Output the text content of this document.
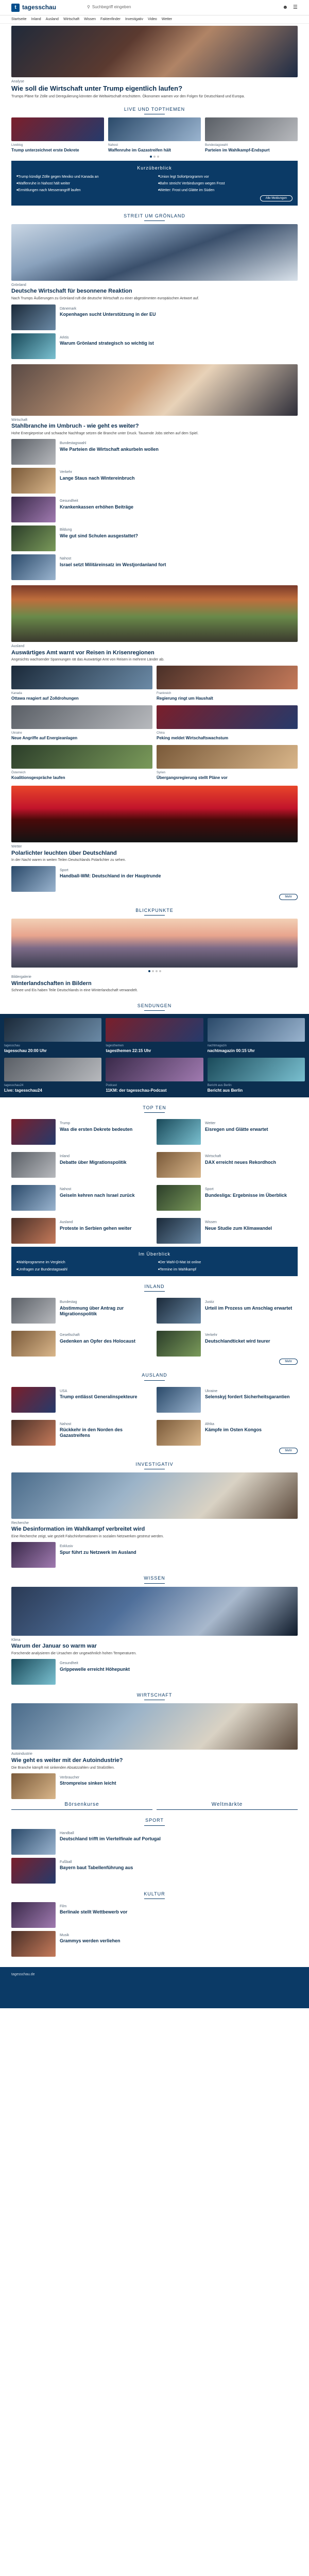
t tagesschau	⚲ Suchbegriff eingeben	☻ ☰
Startseite Inland Ausland Wirtschaft Wissen Faktenfinder Investigativ Video Wetter
Analyse
Wie soll die Wirtschaft unter Trump eigentlich laufen?
Trumps Pläne für Zölle und Deregulierung könnten die Weltwirtschaft erschüttern. Ökonomen warnen vor den Folgen für Deutschland und Europa.
LIVE UND TOPTHEMEN
Liveblog
Trump unterzeichnet erste Dekrete
Nahost
Waffenruhe im Gazastreifen hält
Bundestagswahl
Parteien im Wahlkampf-Endspurt
Kurzüberblick
■ Trump kündigt Zölle gegen Mexiko und Kanada an	■ Union legt Sofortprogramm vor
■ Waffenruhe in Nahost hält weiter	■ Bahn streicht Verbindungen wegen Frost
■ Ermittlungen nach Messerangriff laufen	■ Wetter: Frost und Glätte im Süden
Alle Meldungen
STREIT UM GRÖNLAND
Grönland
Deutsche Wirtschaft für besonnene Reaktion
Nach Trumps Äußerungen zu Grönland ruft die deutsche Wirtschaft zu einer abgestimmten europäischen Antwort auf.
Dänemark
Kopenhagen sucht Unterstützung in der EU
Arktis
Warum Grönland strategisch so wichtig ist
Wirtschaft
Stahlbranche im Umbruch - wie geht es weiter?
Hohe Energiepreise und schwache Nachfrage setzen die Branche unter Druck. Tausende Jobs stehen auf dem Spiel.
Bundestagswahl
Wie Parteien die Wirtschaft ankurbeln wollen
Verkehr
Lange Staus nach Wintereinbruch
Gesundheit
Krankenkassen erhöhen Beiträge
Bildung
Wie gut sind Schulen ausgestattet?
Nahost
Israel setzt Militäreinsatz im Westjordanland fort
Ausland
Auswärtiges Amt warnt vor Reisen in Krisenregionen
Angesichts wachsender Spannungen rät das Auswärtige Amt von Reisen in mehrere Länder ab.
Kanada
Ottawa reagiert auf Zolldrohungen
Frankreich
Regierung ringt um Haushalt
Ukraine
Neue Angriffe auf Energieanlagen
China
Peking meldet Wirtschaftswachstum
Österreich
Koalitionsgespräche laufen
Syrien
Übergangsregierung stellt Pläne vor
Wetter
Polarlichter leuchten über Deutschland
In der Nacht waren in weiten Teilen Deutschlands Polarlichter zu sehen.
Sport
Handball-WM: Deutschland in der Hauptrunde
Mehr
BLICKPUNKTE
Bildergalerie
Winterlandschaften in Bildern
Schnee und Eis haben Teile Deutschlands in eine Winterlandschaft verwandelt.
SENDUNGEN
tagesschau
tagesschau 20:00 Uhr
tagesthemen
tagesthemen 22:15 Uhr
nachtmagazin
nachtmagazin 00:15 Uhr
tagesschau24
Live: tagesschau24
Podcast
11KM: der tagesschau-Podcast
Bericht aus Berlin
Bericht aus Berlin
TOP TEN
Trump
Was die ersten Dekrete bedeuten
Wetter
Eisregen und Glätte erwartet
Inland
Debatte über Migrationspolitik
Wirtschaft
DAX erreicht neues Rekordhoch
Nahost
Geiseln kehren nach Israel zurück
Sport
Bundesliga: Ergebnisse im Überblick
Ausland
Proteste in Serbien gehen weiter
Wissen
Neue Studie zum Klimawandel
Im Überblick
■ Wahlprogramme im Vergleich	■ Der Wahl-O-Mat ist online
■ Umfragen zur Bundestagswahl	■ Termine im Wahlkampf
INLAND
Bundestag
Abstimmung über Antrag zur Migrationspolitik
Justiz
Urteil im Prozess um Anschlag erwartet
Gesellschaft
Gedenken an Opfer des Holocaust
Verkehr
Deutschlandticket wird teurer
Mehr
AUSLAND
USA
Trump entlässt Generalinspekteure
Ukraine
Selenskyj fordert Sicherheitsgarantien
Nahost
Rückkehr in den Norden des Gazastreifens
Afrika
Kämpfe im Osten Kongos
Mehr
INVESTIGATIV
Recherche
Wie Desinformation im Wahlkampf verbreitet wird
Eine Recherche zeigt, wie gezielt Falschinformationen in sozialen Netzwerken gestreut werden.
Exklusiv
Spur führt zu Netzwerk im Ausland
WISSEN
Klima
Warum der Januar so warm war
Forschende analysieren die Ursachen der ungewöhnlich hohen Temperaturen.
Gesundheit
Grippewelle erreicht Höhepunkt
WIRTSCHAFT
Autoindustrie
Wie geht es weiter mit der Autoindustrie?
Die Branche kämpft mit sinkenden Absatzzahlen und Strafzöllen.
Verbraucher
Strompreise sinken leicht
Börsenkurse	Weltmärkte
SPORT
Handball
Deutschland trifft im Viertelfinale auf Portugal
Fußball
Bayern baut Tabellenführung aus
KULTUR
Film
Berlinale stellt Wettbewerb vor
Musik
Grammys werden verliehen
tagesschau.de
